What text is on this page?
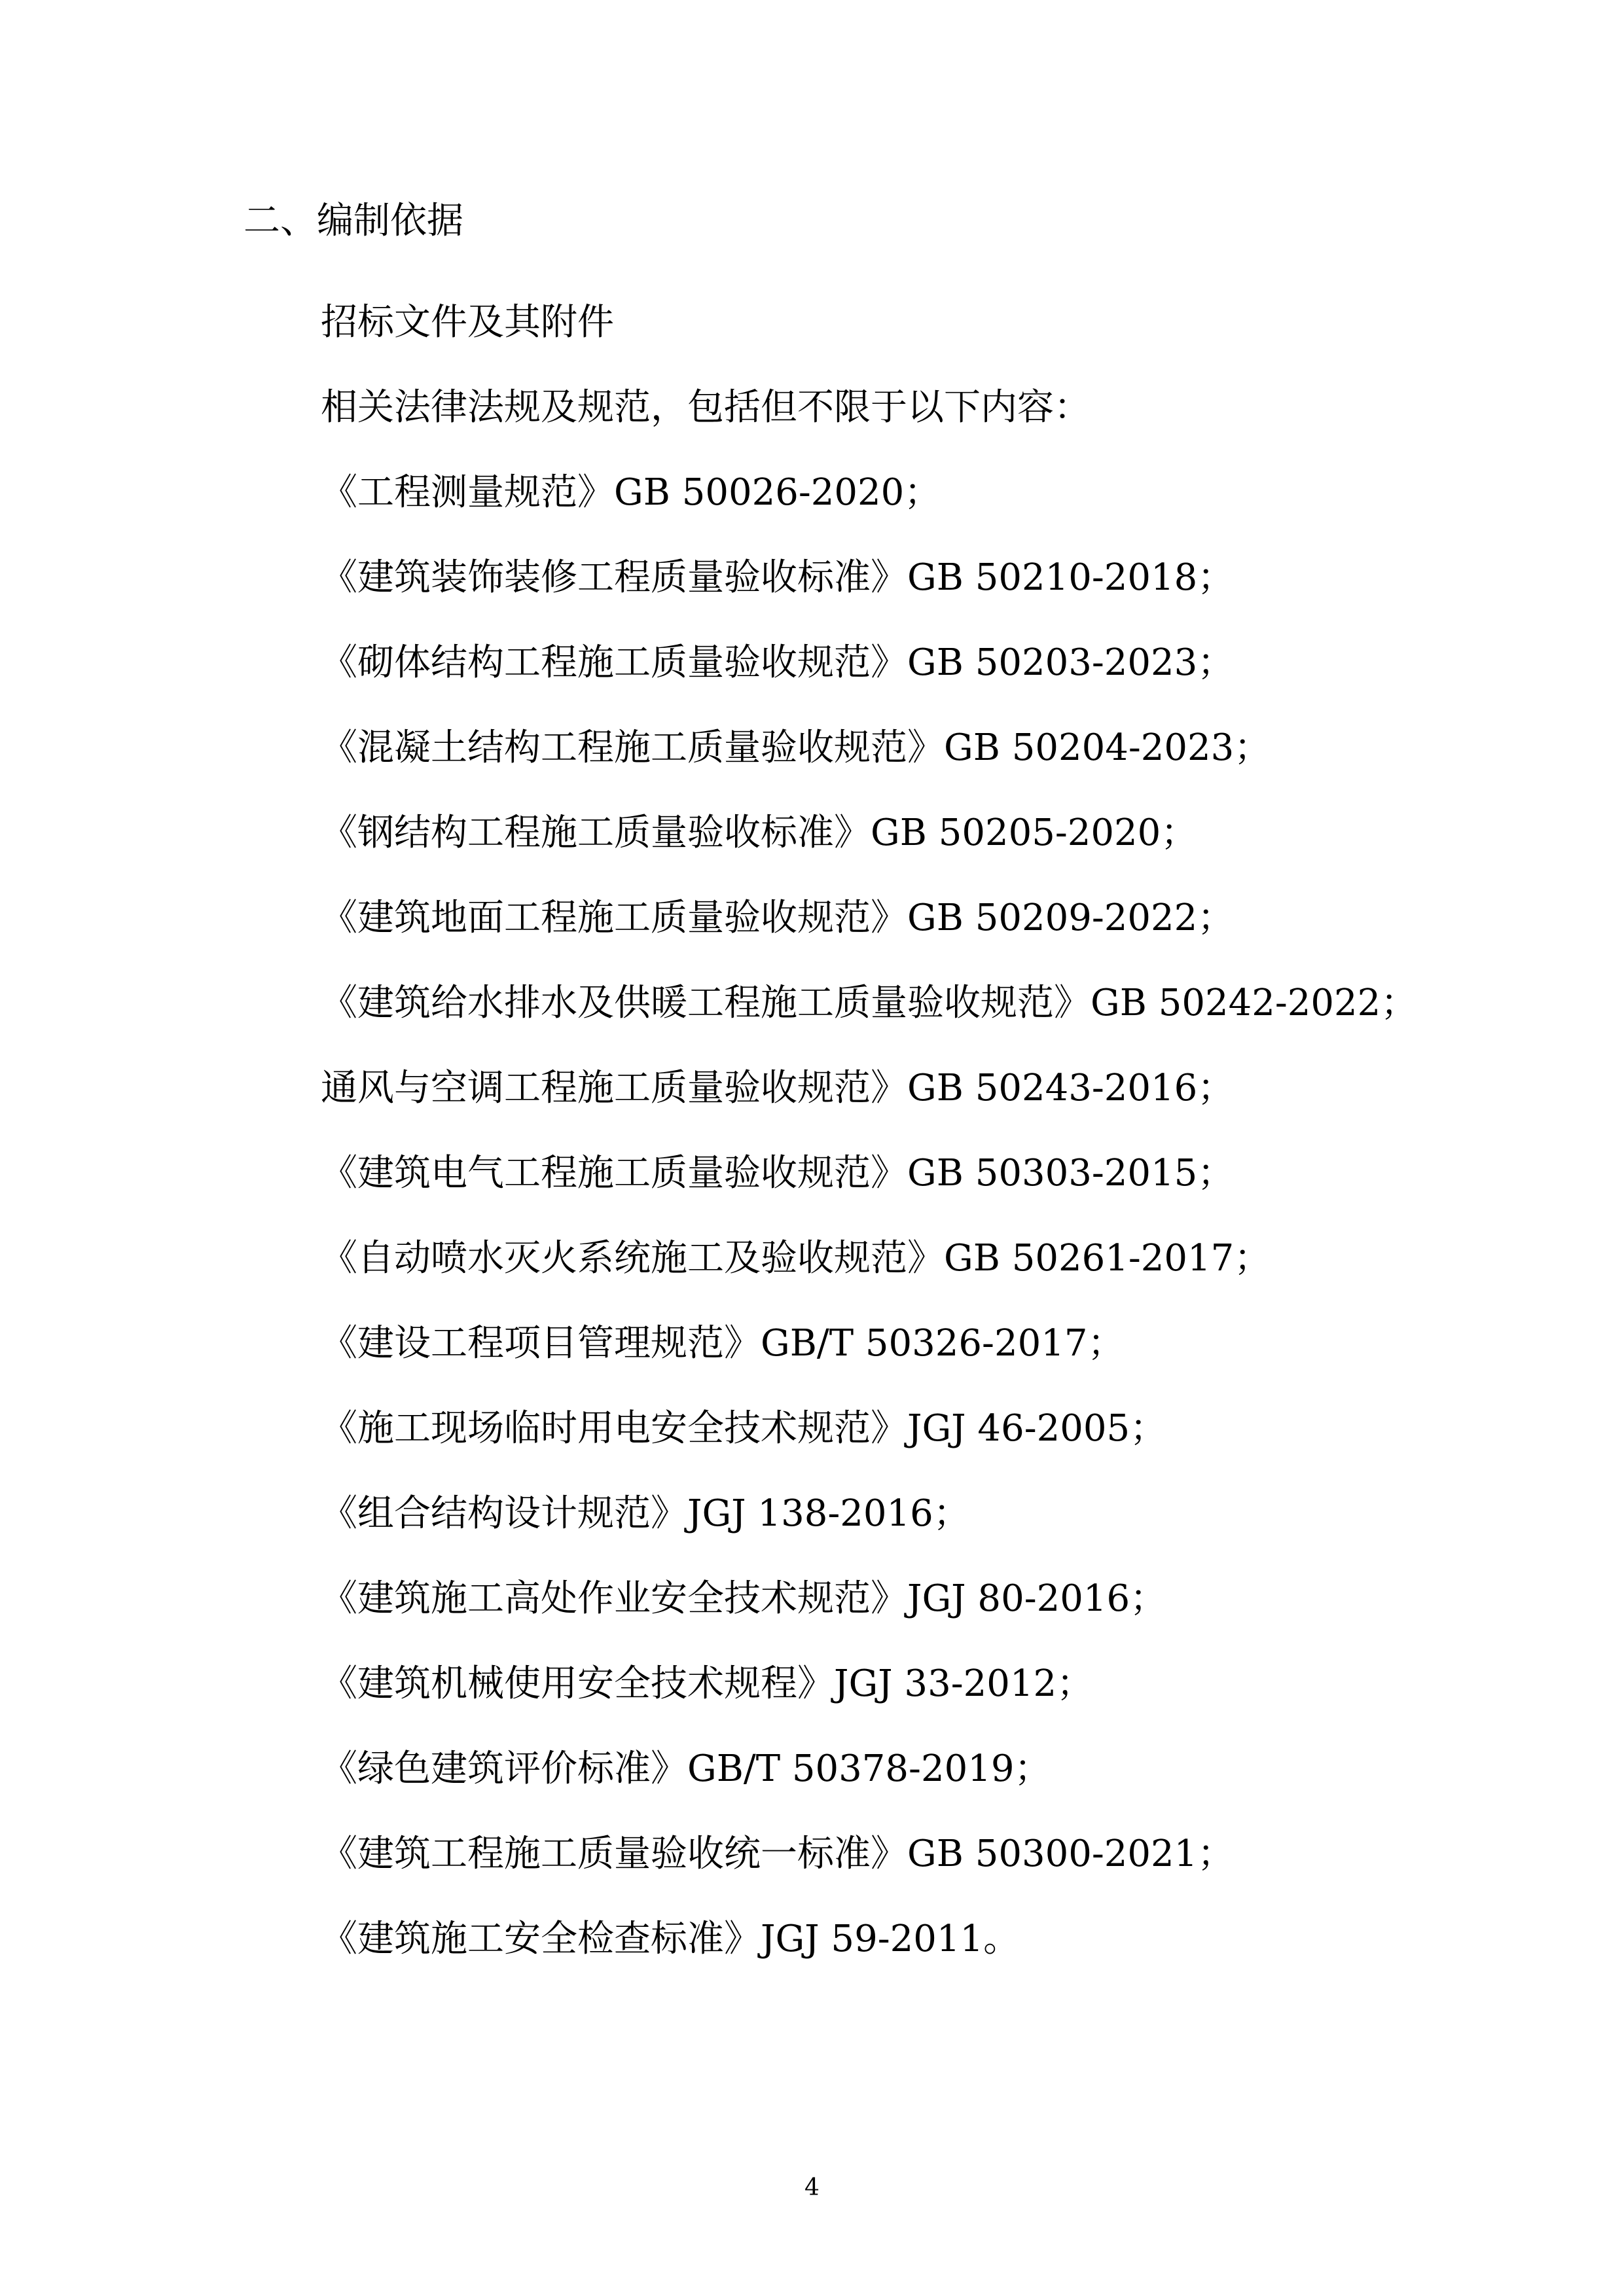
二、编制依据
招标文件及其附件
相关法律法规及规范，包括但不限于以下内容：
《工程测量规范》GB 50026-2020；
《建筑装饰装修工程质量验收标准》GB 50210-2018；
《砌体结构工程施工质量验收规范》GB 50203-2023；
《混凝土结构工程施工质量验收规范》GB 50204-2023；
《钢结构工程施工质量验收标准》GB 50205-2020；
《建筑地面工程施工质量验收规范》GB 50209-2022；
《建筑给水排水及供暖工程施工质量验收规范》GB 50242-2022；
通风与空调工程施工质量验收规范》GB 50243-2016；
《建筑电气工程施工质量验收规范》GB 50303-2015；
《自动喷水灭火系统施工及验收规范》GB 50261-2017；
《建设工程项目管理规范》GB/T 50326-2017；
《施工现场临时用电安全技术规范》JGJ 46-2005；
《组合结构设计规范》JGJ 138-2016；
《建筑施工高处作业安全技术规范》JGJ 80-2016；
《建筑机械使用安全技术规程》JGJ 33-2012；
《绿色建筑评价标准》GB/T 50378-2019；
《建筑工程施工质量验收统一标准》GB 50300-2021；
《建筑施工安全检查标准》JGJ 59-2011。
4
